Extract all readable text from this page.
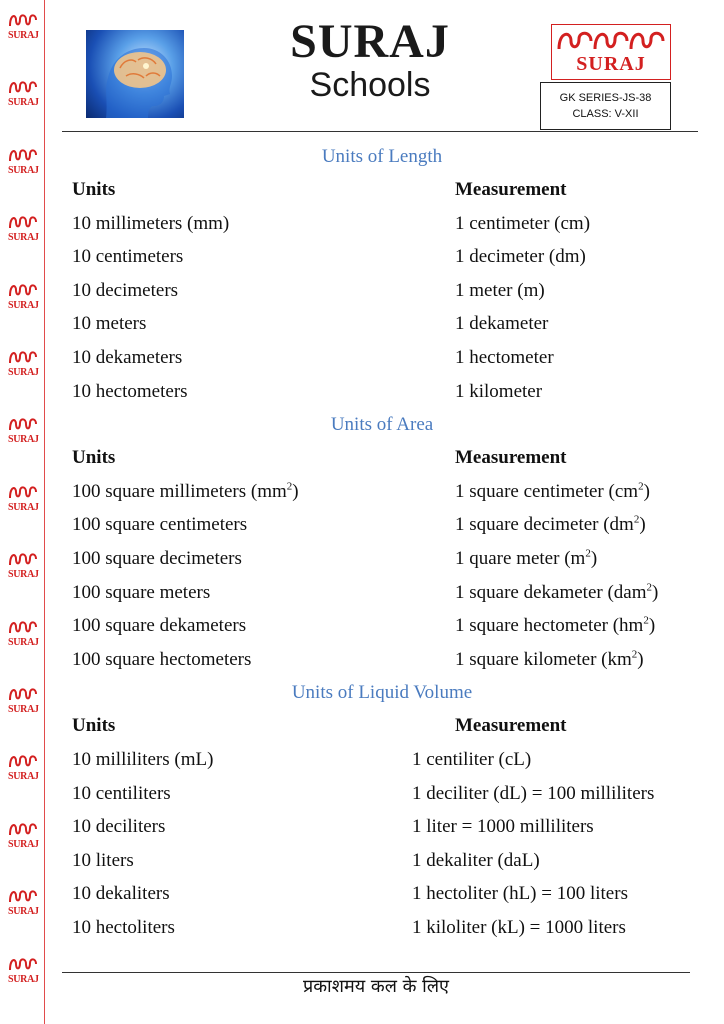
SURAJ
SURAJ
SURAJ
SURAJ
SURAJ
SURAJ
SURAJ
SURAJ
SURAJ
SURAJ
SURAJ
SURAJ
SURAJ
SURAJ
SURAJ
SURAJ
Schools
SURAJ
GK SERIES-JS-38
CLASS: V-XII
Units of Length
Units	Measurement
10 millimeters (mm)	1 centimeter (cm)
10 centimeters	1 decimeter (dm)
10 decimeters	1 meter (m)
10 meters	1 dekameter
10 dekameters	1 hectometer
10 hectometers	1 kilometer
Units of Area
Units	Measurement
100 square millimeters $(mm^2)$	1 square centimeter $(cm^2)$
100 square centimeters	1 square decimeter $(dm^2)$
100 square decimeters	1 quare meter $(m^2)$
100 square meters	1 square dekameter (dam$^2$)
100 square dekameters	1 square hectometer $(hm^2)$
100 square hectometers	1 square kilometer $(km^2)$
Units of Liquid Volume
Units	Measurement
10 milliliters (mL)	1 centiliter (cL)
10 centiliters	1 deciliter (dL) = 100 milliliters
10 deciliters	1 liter = 1000 milliliters
10 liters	1 dekaliter (daL)
10 dekaliters	1 hectoliter (hL) = 100 liters
10 hectoliters	1 kiloliter (kL) = 1000 liters
प्रकाशमय कल के लिए
